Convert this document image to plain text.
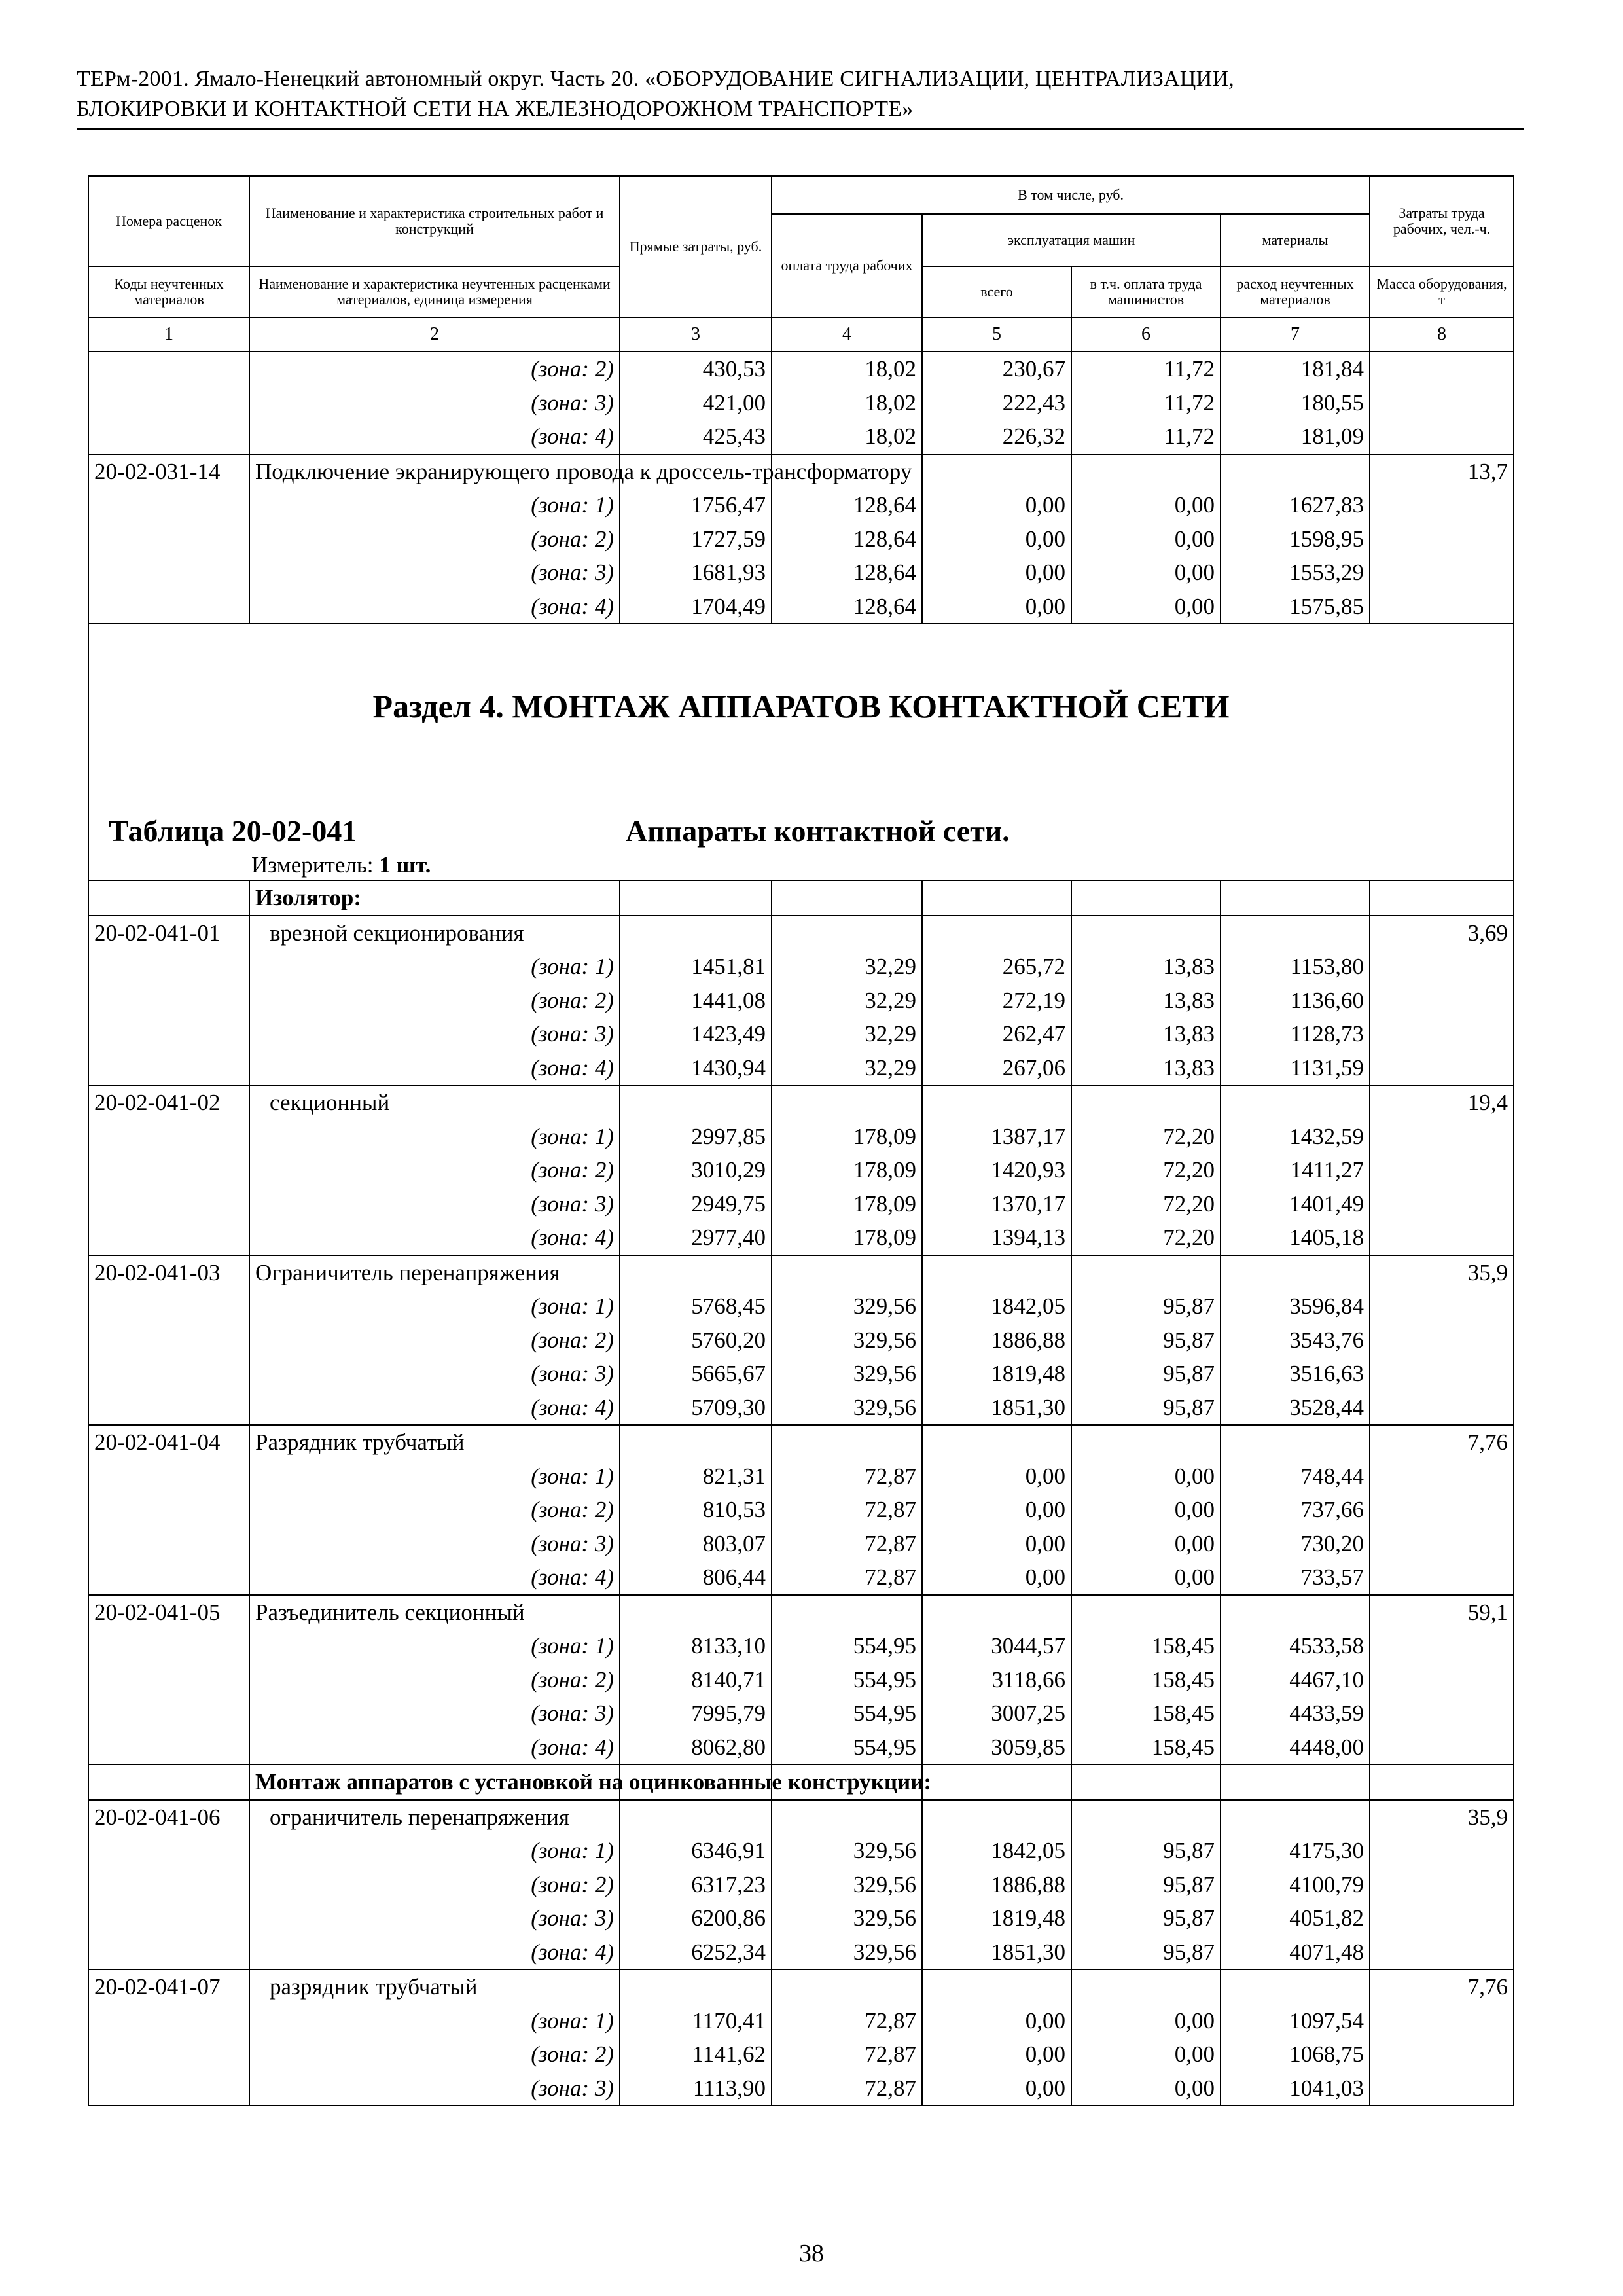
ТЕРм-2001. Ямало-Ненецкий автономный округ. Часть 20. «ОБОРУДОВАНИЕ СИГНАЛИЗАЦИИ, ЦЕНТРАЛИЗАЦИИ,
БЛОКИРОВКИ И КОНТАКТНОЙ СЕТИ НА ЖЕЛЕЗНОДОРОЖНОМ ТРАНСПОРТЕ»
Номера расценок	Наименование и характеристика строительных работ и конструкций	Прямые затраты, руб.	В том числе, руб.				Затраты труда рабочих, чел.-ч.
			оплата труда рабочих	эксплуатация машин		материалы	
Коды неучтенных материалов	Наименование и характеристика неучтенных расценками материалов, единица измерения			всего	в т.ч. оплата труда машинистов	расход неучтенных материалов	Масса оборудования, т
1	2	3	4	5	6	7	8
	(зона: 2)	430,53	18,02	230,67	11,72	181,84	
	(зона: 3)	421,00	18,02	222,43	11,72	180,55	
	(зона: 4)	425,43	18,02	226,32	11,72	181,09	
20-02-031-14	Подключение экранирующего провода к дроссель-трансформатору						13,7
	(зона: 1)	1756,47	128,64	0,00	0,00	1627,83	
	(зона: 2)	1727,59	128,64	0,00	0,00	1598,95	
	(зона: 3)	1681,93	128,64	0,00	0,00	1553,29	
	(зона: 4)	1704,49	128,64	0,00	0,00	1575,85	

Раздел 4. МОНТАЖ АППАРАТОВ КОНТАКТНОЙ СЕТИ
Таблица 20-02-041 Аппараты контактной сети.
Измеритель: 1 шт.							

	Изолятор:						
20-02-041-01	врезной секционирования						3,69
	(зона: 1)	1451,81	32,29	265,72	13,83	1153,80	
	(зона: 2)	1441,08	32,29	272,19	13,83	1136,60	
	(зона: 3)	1423,49	32,29	262,47	13,83	1128,73	
	(зона: 4)	1430,94	32,29	267,06	13,83	1131,59	
20-02-041-02	секционный						19,4
	(зона: 1)	2997,85	178,09	1387,17	72,20	1432,59	
	(зона: 2)	3010,29	178,09	1420,93	72,20	1411,27	
	(зона: 3)	2949,75	178,09	1370,17	72,20	1401,49	
	(зона: 4)	2977,40	178,09	1394,13	72,20	1405,18	
20-02-041-03	Ограничитель перенапряжения						35,9
	(зона: 1)	5768,45	329,56	1842,05	95,87	3596,84	
	(зона: 2)	5760,20	329,56	1886,88	95,87	3543,76	
	(зона: 3)	5665,67	329,56	1819,48	95,87	3516,63	
	(зона: 4)	5709,30	329,56	1851,30	95,87	3528,44	
20-02-041-04	Разрядник трубчатый						7,76
	(зона: 1)	821,31	72,87	0,00	0,00	748,44	
	(зона: 2)	810,53	72,87	0,00	0,00	737,66	
	(зона: 3)	803,07	72,87	0,00	0,00	730,20	
	(зона: 4)	806,44	72,87	0,00	0,00	733,57	
20-02-041-05	Разъединитель секционный						59,1
	(зона: 1)	8133,10	554,95	3044,57	158,45	4533,58	
	(зона: 2)	8140,71	554,95	3118,66	158,45	4467,10	
	(зона: 3)	7995,79	554,95	3007,25	158,45	4433,59	
	(зона: 4)	8062,80	554,95	3059,85	158,45	4448,00	
	Монтаж аппаратов с установкой на оцинкованные конструкции:						
20-02-041-06	ограничитель перенапряжения						35,9
	(зона: 1)	6346,91	329,56	1842,05	95,87	4175,30	
	(зона: 2)	6317,23	329,56	1886,88	95,87	4100,79	
	(зона: 3)	6200,86	329,56	1819,48	95,87	4051,82	
	(зона: 4)	6252,34	329,56	1851,30	95,87	4071,48	
20-02-041-07	разрядник трубчатый						7,76
	(зона: 1)	1170,41	72,87	0,00	0,00	1097,54	
	(зона: 2)	1141,62	72,87	0,00	0,00	1068,75	
	(зона: 3)	1113,90	72,87	0,00	0,00	1041,03	
38
